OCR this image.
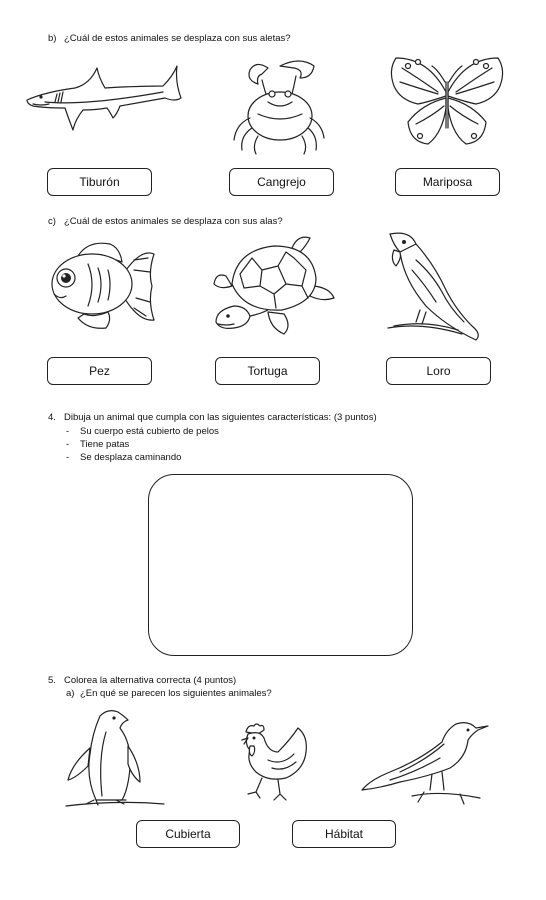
b) ¿Cuál de estos animales se desplaza con sus aletas?
Tiburón	Cangrejo	Mariposa
c) ¿Cuál de estos animales se desplaza con sus alas?
Pez	Tortuga	Loro
4. Dibuja un animal que cumpla con las siguientes características: (3 puntos)
- Su cuerpo está cubierto de pelos
- Tiene patas
- Se desplaza caminando
5. Colorea la alternativa correcta (4 puntos)
a) ¿En qué se parecen los siguientes animales?
Cubierta	Hábitat
